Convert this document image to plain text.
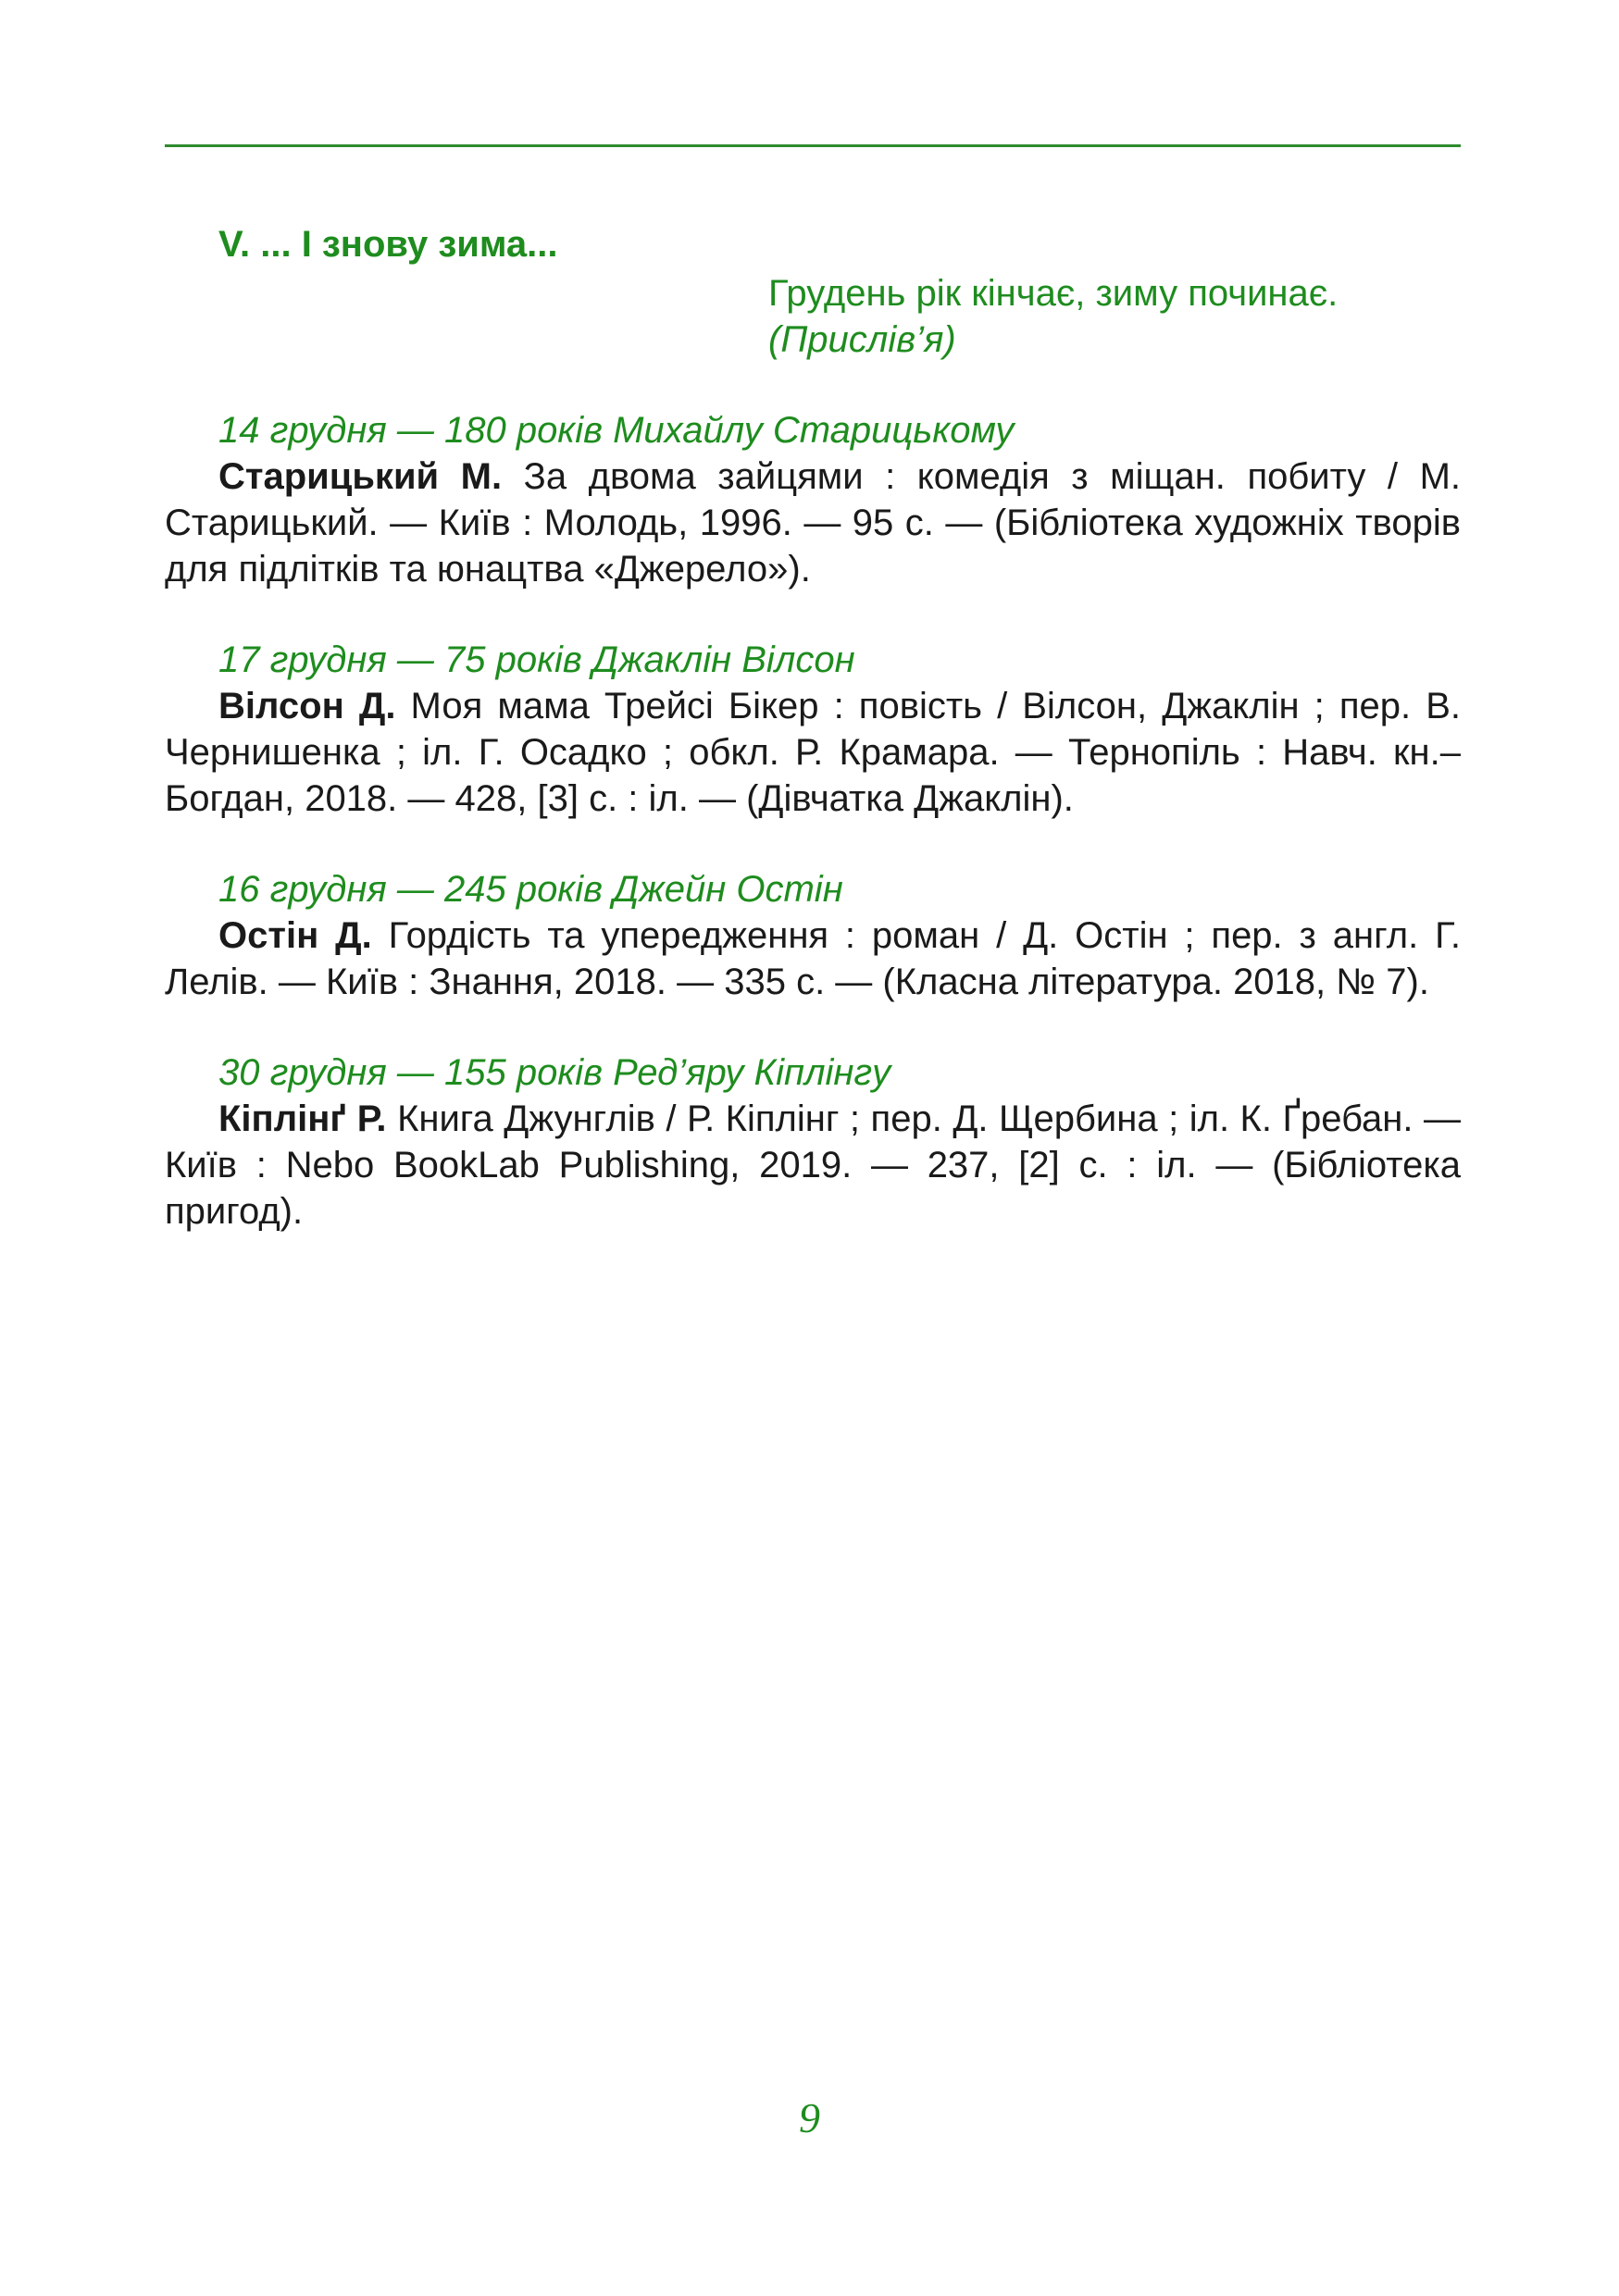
V. ... І знову зима...
Грудень рік кінчає, зиму починає.
(Прислів’я)

14 грудня — 180 років Михайлу Старицькому

Старицький М. За двома зайцями : комедія з міщан. побиту / М. Старицький. — Київ : Молодь, 1996. — 95 с. — (Бібліотека художніх творів для підлітків та юнацтва «Джерело»).

17 грудня — 75 років Джаклін Вілсон

Вілсон Д. Моя мама Трейсі Бікер : повість / Вілсон, Джаклін ; пер. В. Чернишенка ; іл. Г. Осадко ; обкл. Р. Крамара. — Тернопіль : Навч. кн.–Богдан, 2018. — 428, [3] с. : іл. — (Дівчатка Джаклін).

16 грудня — 245 років Джейн Остін

Остін Д. Гордість та упередження : роман / Д. Остін ; пер. з англ. Г. Лелів. — Київ : Знання, 2018. — 335 с. — (Класна література. 2018, № 7).

30 грудня — 155 років Ред’яру Кіплінгу

Кіплінґ Р. Книга Джунглів / Р. Кіплінг ; пер. Д. Щербина ; іл. К. Ґребан. — Київ : Nebo BookLab Publishing, 2019. — 237, [2] с. : іл. — (Бібліотека пригод).

9
